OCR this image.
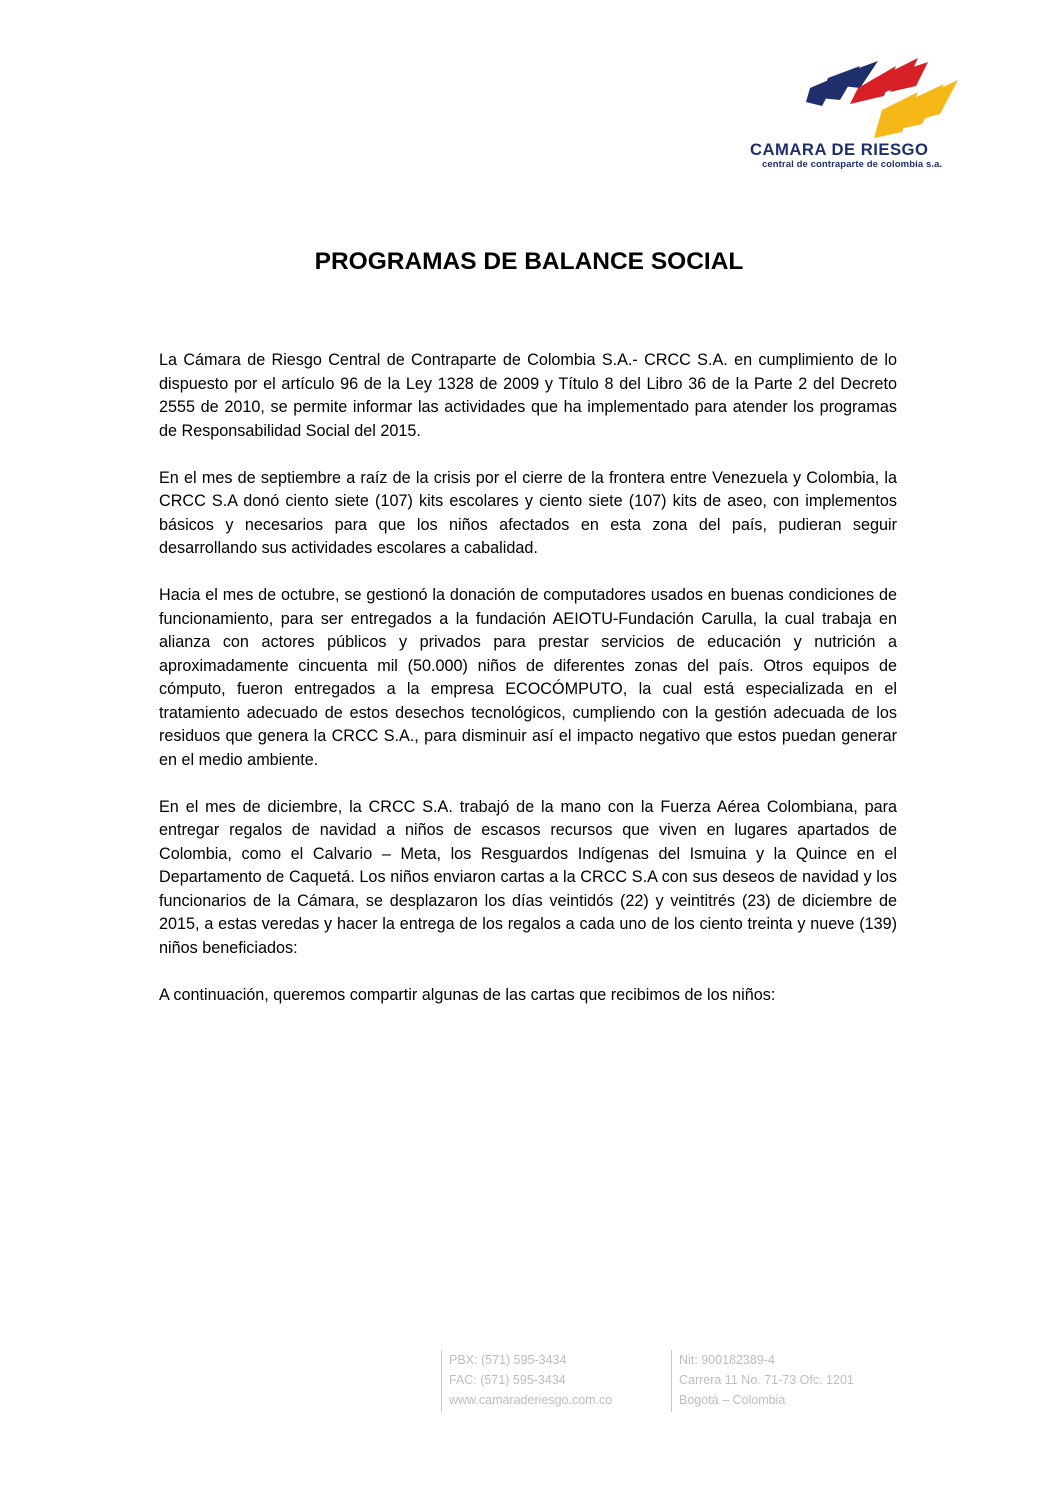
CAMARA DE RIESGO
central de contraparte de colombia s.a.
PROGRAMAS DE BALANCE SOCIAL

La Cámara de Riesgo Central de Contraparte de Colombia S.A.- CRCC S.A. en cumplimiento de lo dispuesto por el artículo 96 de la Ley 1328 de 2009 y Título 8 del Libro 36 de la Parte 2 del Decreto 2555 de 2010, se permite informar las actividades que ha implementado para atender los programas de Responsabilidad Social del 2015.

En el mes de septiembre a raíz de la crisis por el cierre de la frontera entre Venezuela y Colombia, la CRCC S.A donó ciento siete (107) kits escolares y ciento siete (107) kits de aseo, con implementos básicos y necesarios para que los niños afectados en esta zona del país, pudieran seguir desarrollando sus actividades escolares a cabalidad.

Hacia el mes de octubre, se gestionó la donación de computadores usados en buenas condiciones de funcionamiento, para ser entregados a la fundación AEIOTU-Fundación Carulla, la cual trabaja en alianza con actores públicos y privados para prestar servicios de educación y nutrición a aproximadamente cincuenta mil (50.000) niños de diferentes zonas del país. Otros equipos de cómputo, fueron entregados a la empresa ECOCÓMPUTO, la cual está especializada en el tratamiento adecuado de estos desechos tecnológicos, cumpliendo con la gestión adecuada de los residuos que genera la CRCC S.A., para disminuir así el impacto negativo que estos puedan generar en el medio ambiente.

En el mes de diciembre, la CRCC S.A. trabajó de la mano con la Fuerza Aérea Colombiana, para entregar regalos de navidad a niños de escasos recursos que viven en lugares apartados de Colombia, como el Calvario – Meta, los Resguardos Indígenas del Ismuina y la Quince en el Departamento de Caquetá. Los niños enviaron cartas a la CRCC S.A con sus deseos de navidad y los funcionarios de la Cámara, se desplazaron los días veintidós (22) y veintitrés (23) de diciembre de 2015, a estas veredas y hacer la entrega de los regalos a cada uno de los ciento treinta y nueve (139) niños beneficiados:

A continuación, queremos compartir algunas de las cartas que recibimos de los niños:

PBX: (571) 595-3434
FAC: (571) 595-3434
www.camaraderiesgo.com.co
Nit: 900182389-4
Carrera 11 No. 71-73 Ofc. 1201
Bogotá – Colombia
